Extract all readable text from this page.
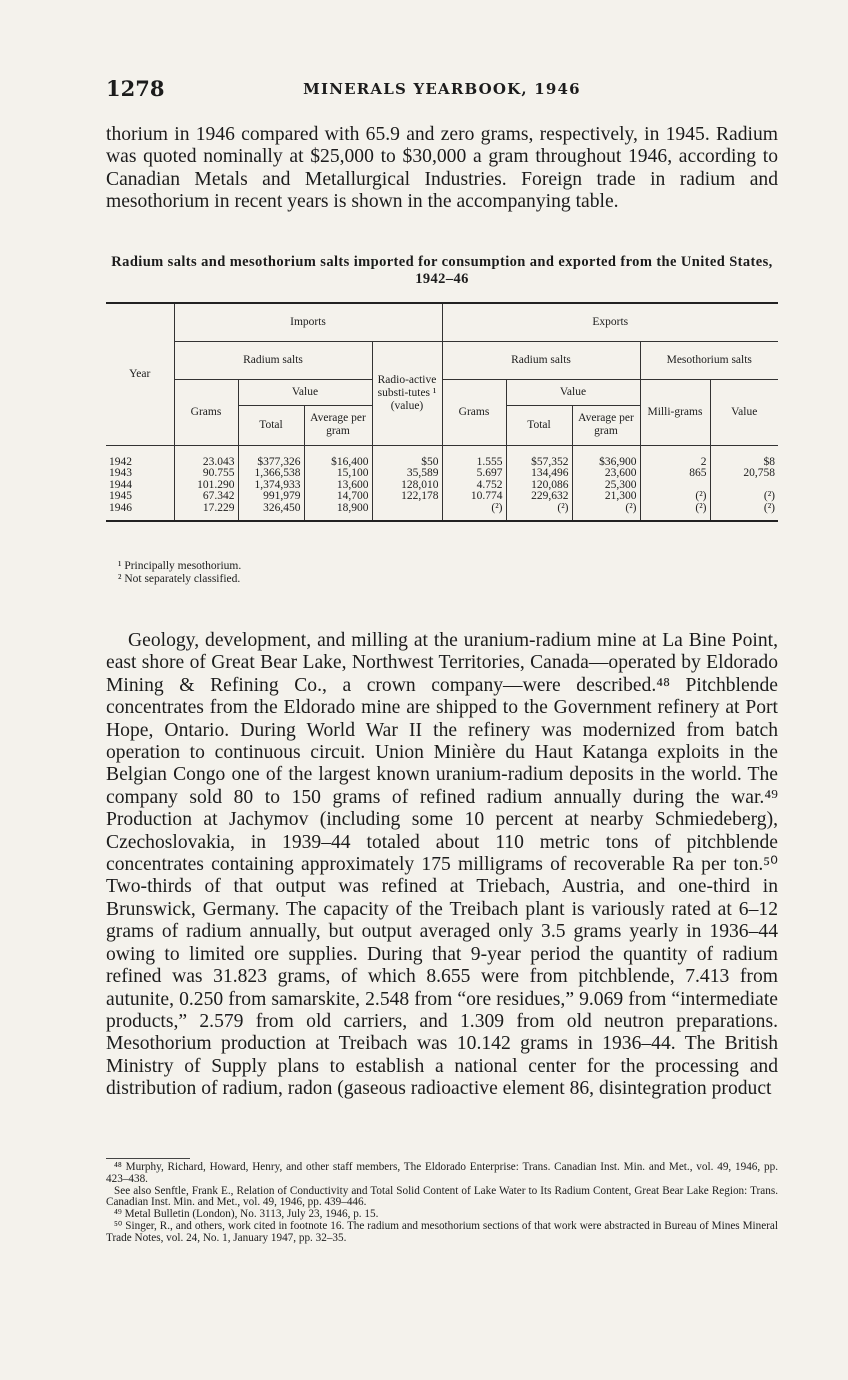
1278	MINERALS YEARBOOK, 1946

thorium in 1946 compared with 65.9 and zero grams, respectively, in 1945. Radium was quoted nominally at $25,000 to $30,000 a gram throughout 1946, according to Canadian Metals and Metallurgical Industries. Foreign trade in radium and mesothorium in recent years is shown in the accompanying table.

Radium salts and mesothorium salts imported for consumption and exported from the United States, 1942–46
Year	Imports				Exports				
	Radium salts			Radio-active substi-tutes ¹ (value)	Radium salts			Mesothorium salts	
	Grams	Value			Grams	Value		Milli-grams	Value
		Total	Average per gram			Total	Average per gram		
1942	23.043	$377,326	$16,400	$50	1.555	$57,352	$36,900	2	$8
1943	90.755	1,366,538	15,100	35,589	5.697	134,496	23,600	865	20,758
1944	101.290	1,374,933	13,600	128,010	4.752	120,086	25,300		
1945	67.342	991,979	14,700	122,178	10.774	229,632	21,300	(²)	(²)
1946	17.229	326,450	18,900		(²)	(²)	(²)	(²)	(²)
¹ Principally mesothorium.
² Not separately classified.

Geology, development, and milling at the uranium-radium mine at La Bine Point, east shore of Great Bear Lake, Northwest Territories, Canada—operated by Eldorado Mining & Refining Co., a crown company—were described.⁴⁸ Pitchblende concentrates from the Eldorado mine are shipped to the Government refinery at Port Hope, Ontario. During World War II the refinery was modernized from batch operation to continuous circuit. Union Minière du Haut Katanga exploits in the Belgian Congo one of the largest known uranium-radium deposits in the world. The company sold 80 to 150 grams of refined radium annually during the war.⁴⁹ Production at Jachymov (including some 10 percent at nearby Schmiedeberg), Czechoslovakia, in 1939–44 totaled about 110 metric tons of pitchblende concentrates containing approximately 175 milligrams of recoverable Ra per ton.⁵⁰ Two-thirds of that output was refined at Triebach, Austria, and one-third in Brunswick, Germany. The capacity of the Treibach plant is variously rated at 6–12 grams of radium annually, but output averaged only 3.5 grams yearly in 1936–44 owing to limited ore supplies. During that 9-year period the quantity of radium refined was 31.823 grams, of which 8.655 were from pitchblende, 7.413 from autunite, 0.250 from samarskite, 2.548 from “ore residues,” 9.069 from “intermediate products,” 2.579 from old carriers, and 1.309 from old neutron preparations. Mesothorium production at Treibach was 10.142 grams in 1936–44. The British Ministry of Supply plans to establish a national center for the processing and distribution of radium, radon (gaseous radioactive element 86, disintegration product

⁴⁸ Murphy, Richard, Howard, Henry, and other staff members, The Eldorado Enterprise: Trans. Canadian Inst. Min. and Met., vol. 49, 1946, pp. 423–438.
See also Senftle, Frank E., Relation of Conductivity and Total Solid Content of Lake Water to Its Radium Content, Great Bear Lake Region: Trans. Canadian Inst. Min. and Met., vol. 49, 1946, pp. 439–446.
⁴⁹ Metal Bulletin (London), No. 3113, July 23, 1946, p. 15.
⁵⁰ Singer, R., and others, work cited in footnote 16. The radium and mesothorium sections of that work were abstracted in Bureau of Mines Mineral Trade Notes, vol. 24, No. 1, January 1947, pp. 32–35.
